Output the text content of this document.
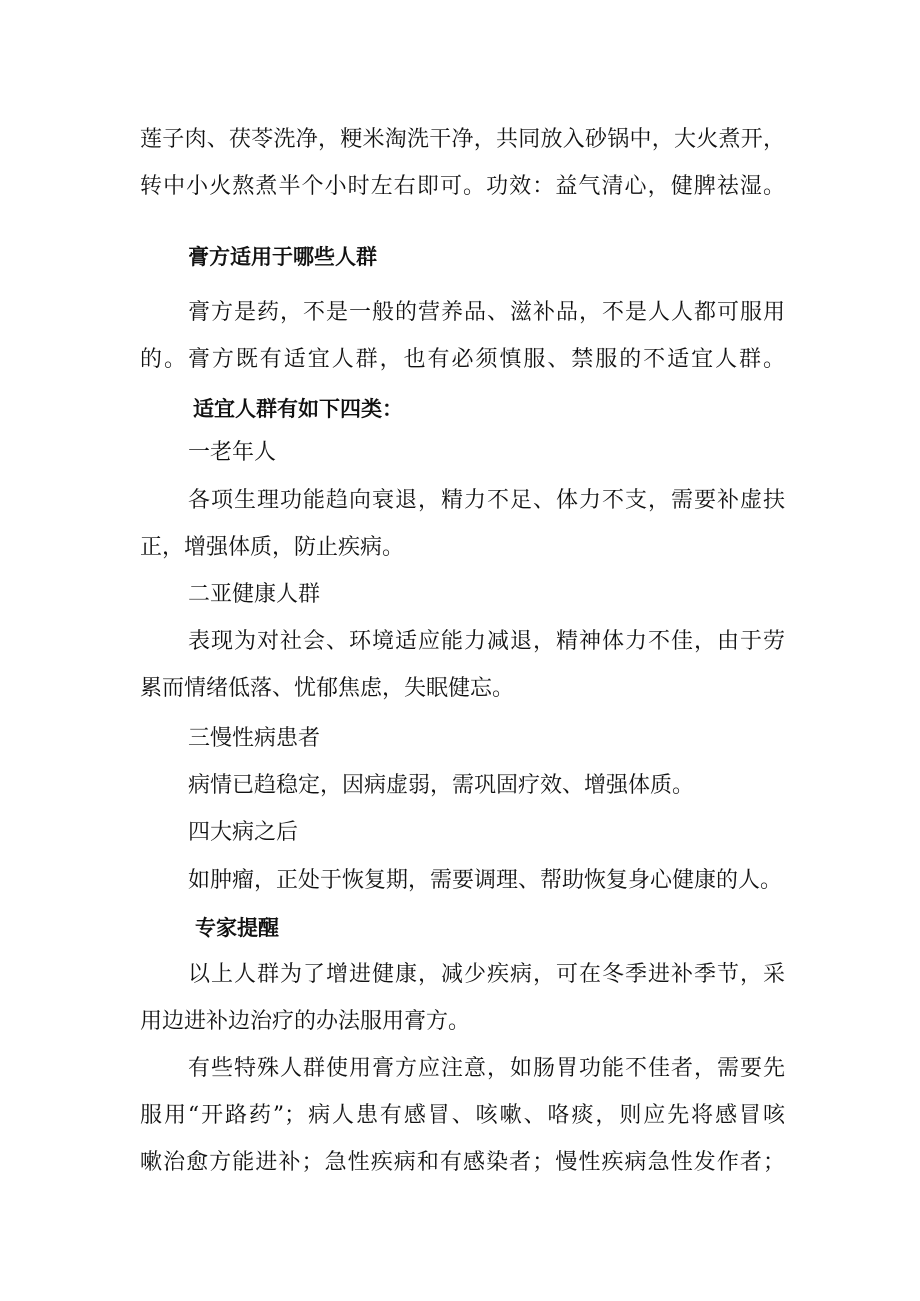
莲子肉、茯苓洗净，粳米淘洗干净，共同放入砂锅中，大火煮开，
转中小火熬煮半个小时左右即可。功效：益气清心，健脾祛湿。
膏方适用于哪些人群
膏方是药，不是一般的营养品、滋补品，不是人人都可服用
的。膏方既有适宜人群，也有必须慎服、禁服的不适宜人群。
适宜人群有如下四类：
一老年人
各项生理功能趋向衰退，精力不足、体力不支，需要补虚扶
正，增强体质，防止疾病。
二亚健康人群
表现为对社会、环境适应能力减退，精神体力不佳，由于劳
累而情绪低落、忧郁焦虑，失眠健忘。
三慢性病患者
病情已趋稳定，因病虚弱，需巩固疗效、增强体质。
四大病之后
如肿瘤，正处于恢复期，需要调理、帮助恢复身心健康的人。
专家提醒
以上人群为了增进健康，减少疾病，可在冬季进补季节，采
用边进补边治疗的办法服用膏方。
有些特殊人群使用膏方应注意，如肠胃功能不佳者，需要先
服用“开路药”；病人患有感冒、咳嗽、咯痰，则应先将感冒咳
嗽治愈方能进补；急性疾病和有感染者；慢性疾病急性发作者；
